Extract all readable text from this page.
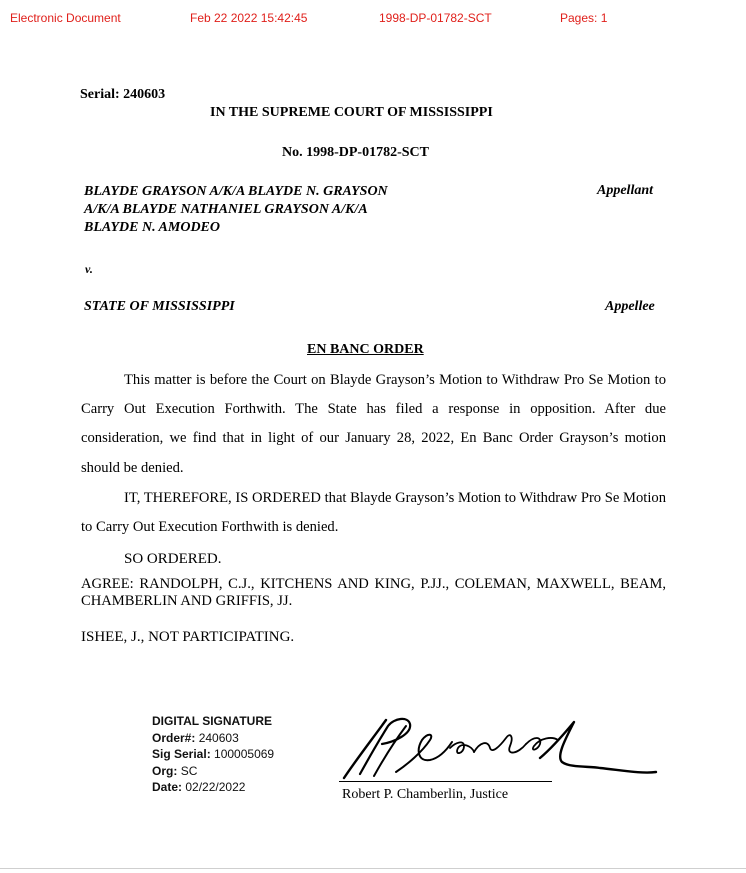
Electronic Document	Feb 22 2022 15:42:45	1998-DP-01782-SCT	Pages: 1
Serial: 240603
IN THE SUPREME COURT OF MISSISSIPPI
No. 1998-DP-01782-SCT
BLAYDE GRAYSON A/K/A BLAYDE N. GRAYSON
A/K/A BLAYDE NATHANIEL GRAYSON A/K/A
BLAYDE N. AMODEO
Appellant
v.
STATE OF MISSISSIPPI	Appellee
EN BANC ORDER
This matter is before the Court on Blayde Grayson’s Motion to Withdraw Pro Se Motion to Carry Out Execution Forthwith. The State has filed a response in opposition. After due consideration, we find that in light of our January 28, 2022, En Banc Order Grayson’s motion should be denied.
IT, THEREFORE, IS ORDERED that Blayde Grayson’s Motion to Withdraw Pro Se Motion to Carry Out Execution Forthwith is denied.
SO ORDERED.
AGREE: RANDOLPH, C.J., KITCHENS AND KING, P.JJ., COLEMAN, MAXWELL, BEAM, CHAMBERLIN AND GRIFFIS, JJ.
ISHEE, J., NOT PARTICIPATING.
DIGITAL SIGNATURE
Order#: 240603
Sig Serial: 100005069
Org: SC
Date: 02/22/2022	Robert P. Chamberlin, Justice
